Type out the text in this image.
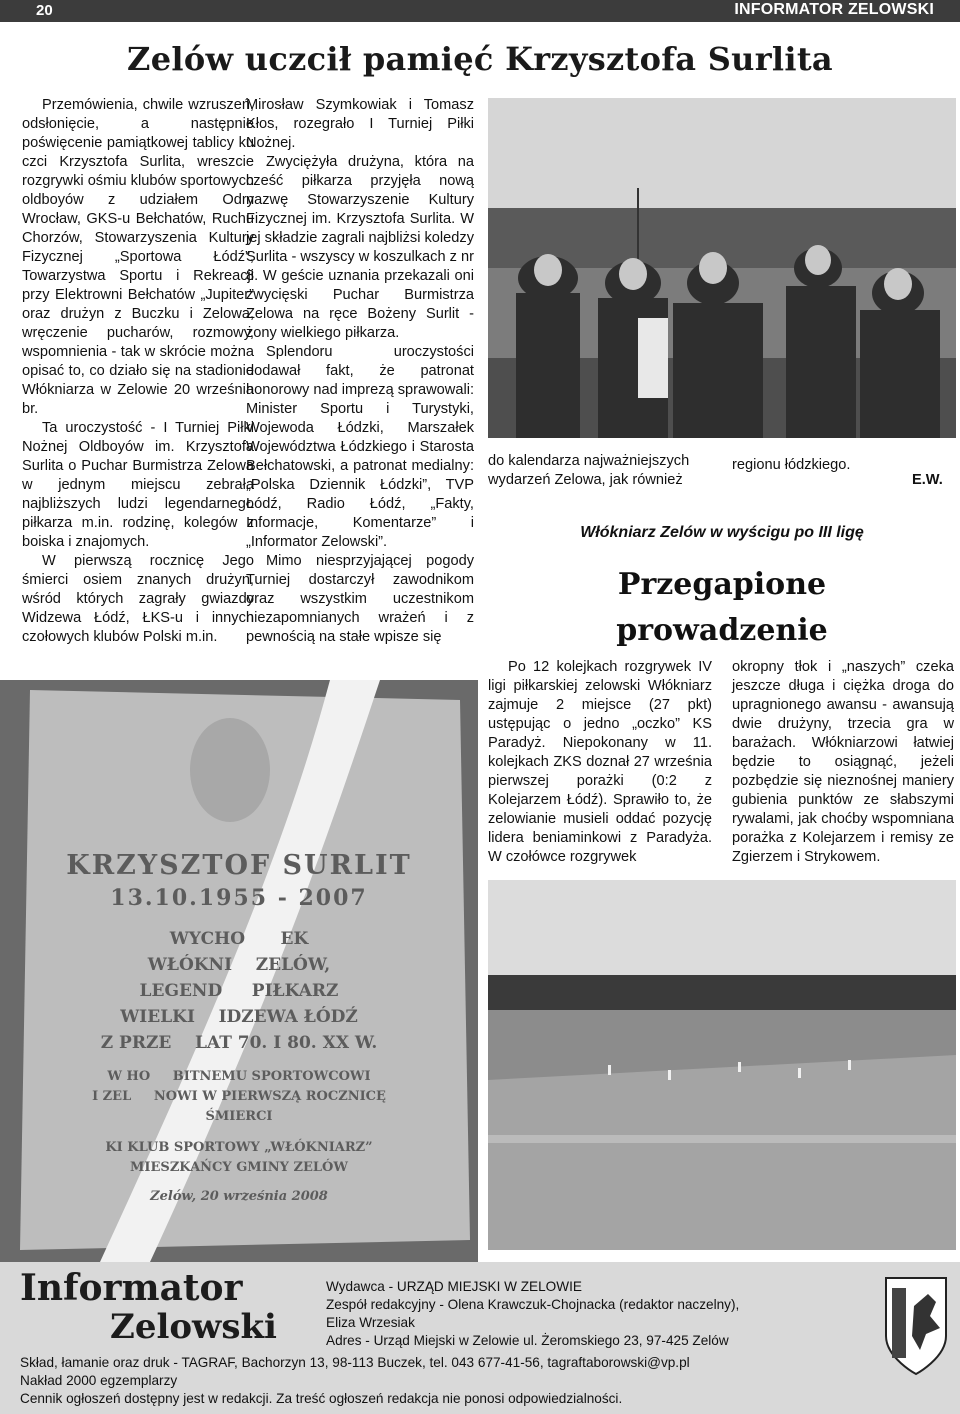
20	INFORMATOR ZELOWSKI
Zelów uczcił pamięć Krzysztofa Surlita

Przemówienia, chwile wzruszeń, odsłonięcie, a następnie poświęcenie pamiątkowej tablicy ku czci Krzysztofa Surlita, wreszcie rozgrywki ośmiu klubów sportowych oldboyów z udziałem Odry Wrocław, GKS-u Bełchatów, Ruchu Chorzów, Stowarzyszenia Kultury Fizycznej „Sportowa Łódź”, Towarzystwa Sportu i Rekreacji przy Elektrowni Bełchatów „Jupiter” oraz drużyn z Buczku i Zelowa, wręczenie pucharów, rozmowy, wspomnienia - tak w skrócie można opisać to, co działo się na stadionie Włókniarza w Zelowie 20 września br.

Ta uroczystość - I Turniej Piłki Nożnej Oldboyów im. Krzysztofa Surlita o Puchar Burmistrza Zelowa w jednym miejscu zebrała najbliższych ludzi legendarnego piłkarza m.in. rodzinę, kolegów z boiska i znajomych.

W pierwszą rocznicę Jego śmierci osiem znanych drużyn, wśród których zagrały gwiazdy Widzewa Łódź, ŁKS-u i innych czołowych klubów Polski m.in.

Mirosław Szymkowiak i Tomasz Kłos, rozegrało I Turniej Piłki Nożnej.

Zwyciężyła drużyna, która na cześć piłkarza przyjęła nową nazwę Stowarzyszenie Kultury Fizycznej im. Krzysztofa Surlita. W jej składzie zagrali najbliżsi koledzy Surlita - wszyscy w koszulkach z nr 8. W geście uznania przekazali oni zwycięski Puchar Burmistrza Zelowa na ręce Bożeny Surlit - żony wielkiego piłkarza.

Splendoru uroczystości dodawał fakt, że patronat honorowy nad imprezą sprawowali: Minister Sportu i Turystyki, Wojewoda Łódzki, Marszałek Województwa Łódzkiego i Starosta Bełchatowski, a patronat medialny: „Polska Dziennik Łódzki”, TVP Łódź, Radio Łódź, „Fakty, Informacje, Komentarze” i „Informator Zelowski”.

Mimo niesprzyjającej pogody Turniej dostarczył zawodnikom oraz wszystkim uczestnikom niezapomnianych wrażeń i z pewnością na stałe wpisze się

do kalendarza najważniejszych wydarzeń Zelowa, jak również

regionu łódzkiego.

E.W.
KRZYSZTOF SURLIT
13.10.1955 - 2007
WYCHO      EK
WŁÓKNI    ZELÓW,
LEGEND     PIŁKARZ
WIELKI    IDZEWA ŁÓDŹ
Z PRZE    LAT 70. I 80. XX W.
W HO     BITNEMU SPORTOWCOWI
I ZEL     NOWI W PIERWSZĄ ROCZNICĘ
ŚMIERCI
KI KLUB SPORTOWY „WŁÓKNIARZ”
MIESZKAŃCY GMINY ZELÓW
Zelów, 20 września 2008
Włókniarz Zelów w wyścigu po III ligę
Przegapione
prowadzenie

Po 12 kolejkach rozgrywek IV ligi piłkarskiej zelowski Włókniarz zajmuje 2 miejsce (27 pkt) ustępując o jedno „oczko” KS Paradyż. Niepokonany w 11. kolejkach ZKS doznał 27 września pierwszej porażki (0:2 z Kolejarzem Łódź). Sprawiło to, że zelowianie musieli oddać pozycję lidera beniaminkowi z Paradyża. W czołówce rozgrywek

okropny tłok i „naszych” czeka jeszcze długa i ciężka droga do upragnionego awansu - awansują dwie drużyny, trzecia gra w barażach. Włókniarzowi łatwiej będzie to osiągnąć, jeżeli pozbędzie się nieznośnej maniery gubienia punktów ze słabszymi rywalami, jak choćby wspomniana porażka z Kolejarzem i remisy ze Zgierzem i Strykowem.

Informator
Zelowski
Wydawca - URZĄD MIEJSKI W ZELOWIE
Zespół redakcyjny - Olena Krawczuk-Chojnacka (redaktor naczelny),
Eliza Wrzesiak
Adres - Urząd Miejski w Zelowie ul. Żeromskiego 23, 97-425 Zelów
Skład, łamanie oraz druk - TAGRAF, Bachorzyn 13, 98-113 Buczek, tel. 043 677-41-56, tagraftaborowski@vp.pl
Nakład 2000 egzemplarzy
Cennik ogłoszeń dostępny jest w redakcji. Za treść ogłoszeń redakcja nie ponosi odpowiedzialności.
